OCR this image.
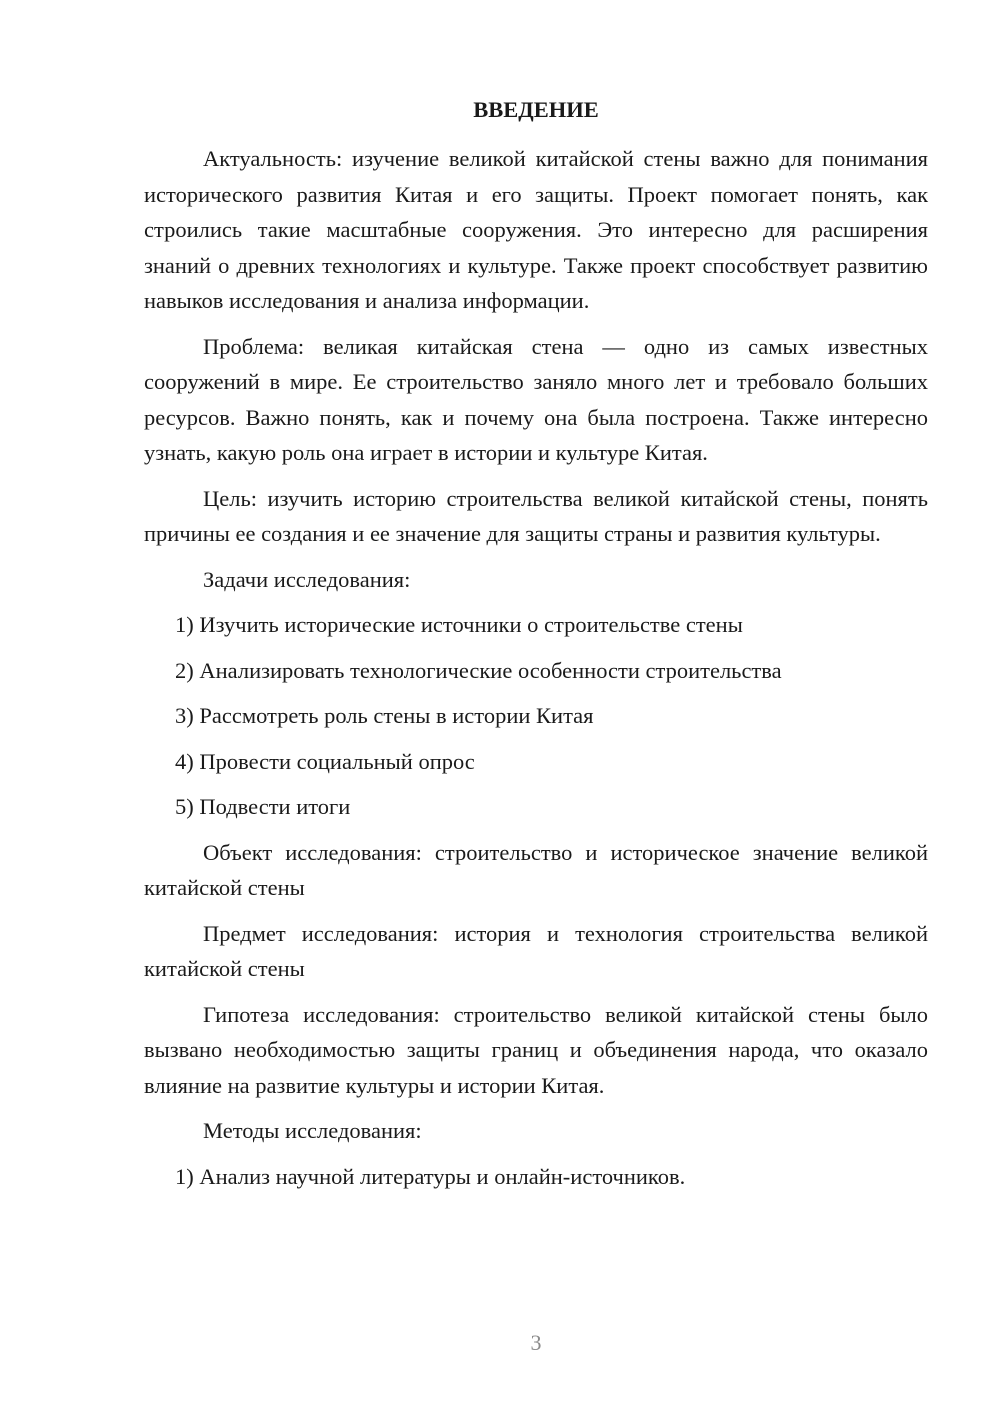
ВВЕДЕНИЕ

Актуальность: изучение великой китайской стены важно для понимания исторического развития Китая и его защиты. Проект помогает понять, как строились такие масштабные сооружения. Это интересно для расширения знаний о древних технологиях и культуре. Также проект способствует развитию навыков исследования и анализа информации.

Проблема: великая китайская стена — одно из самых известных сооружений в мире. Ее строительство заняло много лет и требовало больших ресурсов. Важно понять, как и почему она была построена. Также интересно узнать, какую роль она играет в истории и культуре Китая.

Цель: изучить историю строительства великой китайской стены, понять причины ее создания и ее значение для защиты страны и развития культуры.

Задачи исследования:

1) Изучить исторические источники о строительстве стены

2) Анализировать технологические особенности строительства

3) Рассмотреть роль стены в истории Китая

4) Провести социальный опрос

5) Подвести итоги

Объект исследования: строительство и историческое значение великой китайской стены

Предмет исследования: история и технология строительства великой китайской стены

Гипотеза исследования: строительство великой китайской стены было вызвано необходимостью защиты границ и объединения народа, что оказало влияние на развитие культуры и истории Китая.

Методы исследования:

1) Анализ научной литературы и онлайн-источников.

3
